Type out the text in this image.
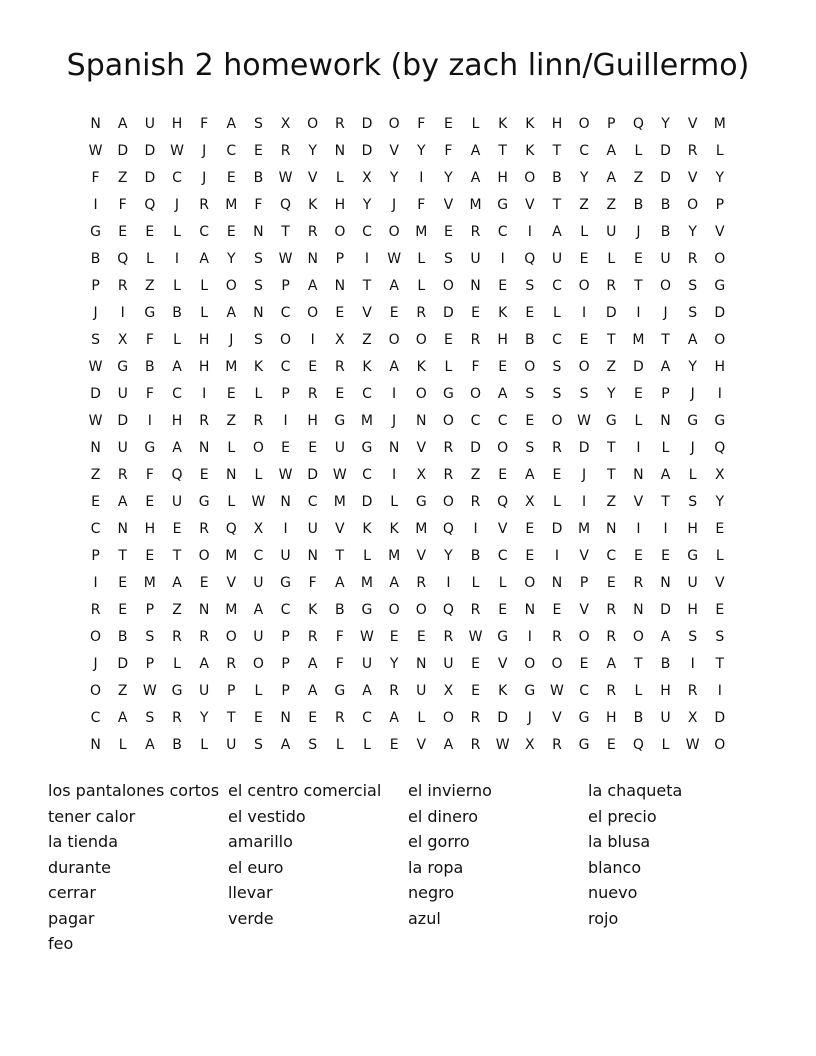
Spanish 2 homework (by zach linn/Guillermo)
N	A	U	H	F	A	S	X	O	R	D	O	F	E	L	K	K	H	O	P	Q	Y	V	M
W	D	D	W	J	C	E	R	Y	N	D	V	Y	F	A	T	K	T	C	A	L	D	R	L
F	Z	D	C	J	E	B	W	V	L	X	Y	I	Y	A	H	O	B	Y	A	Z	D	V	Y
I	F	Q	J	R	M	F	Q	K	H	Y	J	F	V	M	G	V	T	Z	Z	B	B	O	P
G	E	E	L	C	E	N	T	R	O	C	O	M	E	R	C	I	A	L	U	J	B	Y	V
B	Q	L	I	A	Y	S	W	N	P	I	W	L	S	U	I	Q	U	E	L	E	U	R	O
P	R	Z	L	L	O	S	P	A	N	T	A	L	O	N	E	S	C	O	R	T	O	S	G
J	I	G	B	L	A	N	C	O	E	V	E	R	D	E	K	E	L	I	D	I	J	S	D
S	X	F	L	H	J	S	O	I	X	Z	O	O	E	R	H	B	C	E	T	M	T	A	O
W	G	B	A	H	M	K	C	E	R	K	A	K	L	F	E	O	S	O	Z	D	A	Y	H
D	U	F	C	I	E	L	P	R	E	C	I	O	G	O	A	S	S	S	Y	E	P	J	I
W	D	I	H	R	Z	R	I	H	G	M	J	N	O	C	C	E	O	W	G	L	N	G	G
N	U	G	A	N	L	O	E	E	U	G	N	V	R	D	O	S	R	D	T	I	L	J	Q
Z	R	F	Q	E	N	L	W	D	W	C	I	X	R	Z	E	A	E	J	T	N	A	L	X
E	A	E	U	G	L	W	N	C	M	D	L	G	O	R	Q	X	L	I	Z	V	T	S	Y
C	N	H	E	R	Q	X	I	U	V	K	K	M	Q	I	V	E	D	M	N	I	I	H	E
P	T	E	T	O	M	C	U	N	T	L	M	V	Y	B	C	E	I	V	C	E	E	G	L
I	E	M	A	E	V	U	G	F	A	M	A	R	I	L	L	O	N	P	E	R	N	U	V
R	E	P	Z	N	M	A	C	K	B	G	O	O	Q	R	E	N	E	V	R	N	D	H	E
O	B	S	R	R	O	U	P	R	F	W	E	E	R	W	G	I	R	O	R	O	A	S	S
J	D	P	L	A	R	O	P	A	F	U	Y	N	U	E	V	O	O	E	A	T	B	I	T
O	Z	W	G	U	P	L	P	A	G	A	R	U	X	E	K	G	W	C	R	L	H	R	I
C	A	S	R	Y	T	E	N	E	R	C	A	L	O	R	D	J	V	G	H	B	U	X	D
N	L	A	B	L	U	S	A	S	L	L	E	V	A	R	W	X	R	G	E	Q	L	W	O
los pantalones cortos
tener calor
la tienda
durante
cerrar
pagar
feo
el centro comercial
el vestido
amarillo
el euro
llevar
verde
el invierno
el dinero
el gorro
la ropa
negro
azul
la chaqueta
el precio
la blusa
blanco
nuevo
rojo
